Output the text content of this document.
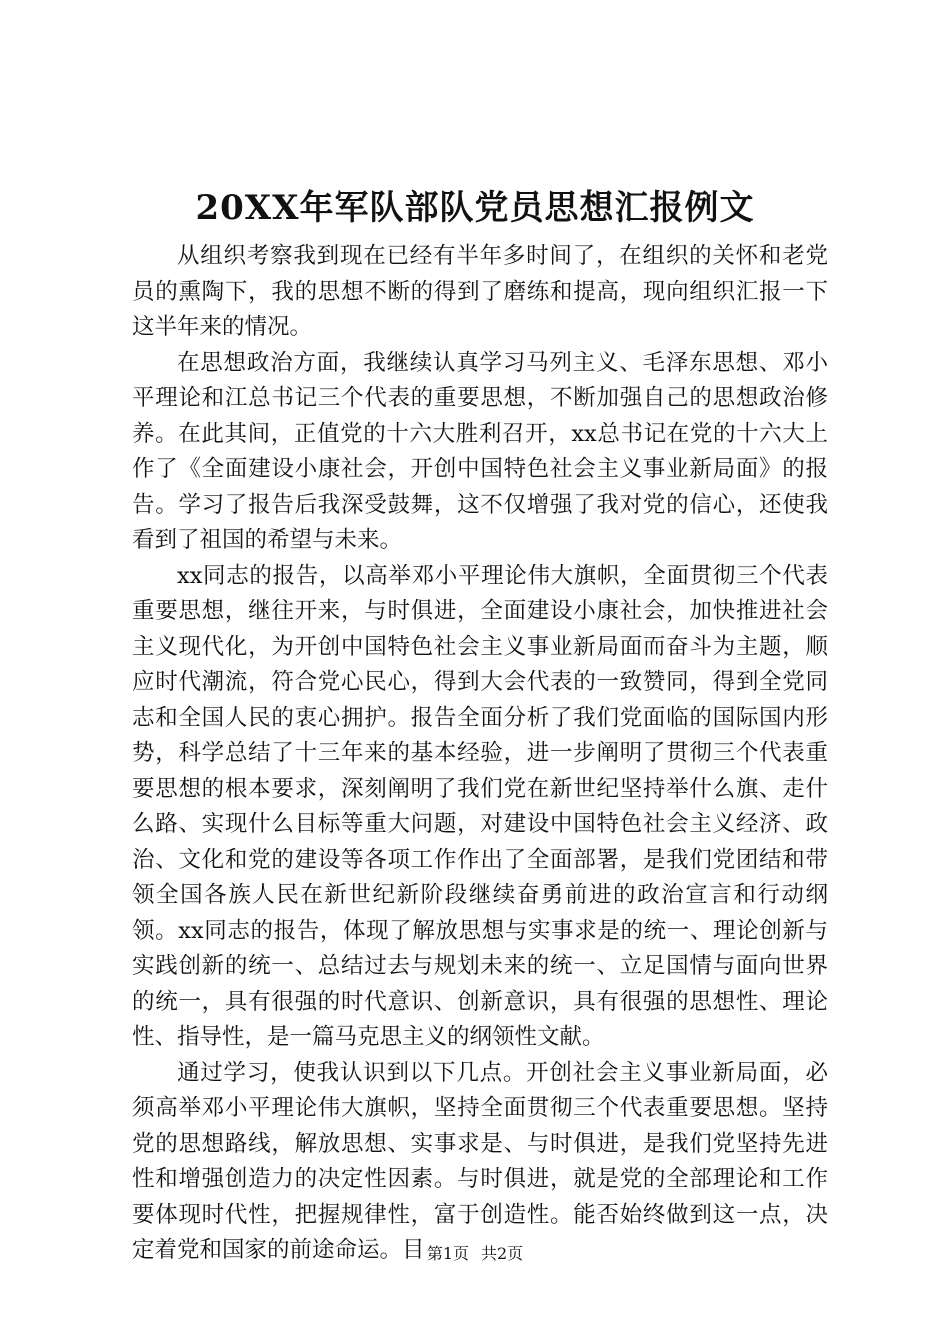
20XX年军队部队党员思想汇报例文

从组织考察我到现在已经有半年多时间了，在组织的关怀和老党员的熏陶下，我的思想不断的得到了磨练和提高，现向组织汇报一下这半年来的情况。

在思想政治方面，我继续认真学习马列主义、毛泽东思想、邓小平理论和江总书记三个代表的重要思想，不断加强自己的思想政治修养。在此其间，正值党的十六大胜利召开，xx总书记在党的十六大上作了《全面建设小康社会，开创中国特色社会主义事业新局面》的报告。学习了报告后我深受鼓舞，这不仅增强了我对党的信心，还使我看到了祖国的希望与未来。

xx同志的报告，以高举邓小平理论伟大旗帜，全面贯彻三个代表重要思想，继往开来，与时俱进，全面建设小康社会，加快推进社会主义现代化，为开创中国特色社会主义事业新局面而奋斗为主题，顺应时代潮流，符合党心民心，得到大会代表的一致赞同，得到全党同志和全国人民的衷心拥护。报告全面分析了我们党面临的国际国内形势，科学总结了十三年来的基本经验，进一步阐明了贯彻三个代表重要思想的根本要求，深刻阐明了我们党在新世纪坚持举什么旗、走什么路、实现什么目标等重大问题，对建设中国特色社会主义经济、政治、文化和党的建设等各项工作作出了全面部署，是我们党团结和带领全国各族人民在新世纪新阶段继续奋勇前进的政治宣言和行动纲领。xx同志的报告，体现了解放思想与实事求是的统一、理论创新与实践创新的统一、总结过去与规划未来的统一、立足国情与面向世界的统一，具有很强的时代意识、创新意识，具有很强的思想性、理论性、指导性，是一篇马克思主义的纲领性文献。

通过学习，使我认识到以下几点。开创社会主义事业新局面，必须高举邓小平理论伟大旗帜，坚持全面贯彻三个代表重要思想。坚持党的思想路线，解放思想、实事求是、与时俱进，是我们党坚持先进性和增强创造力的决定性因素。与时俱进，就是党的全部理论和工作要体现时代性，把握规律性，富于创造性。能否始终做到这一点，决定着党和国家的前途命运。目 第1页 共2页
